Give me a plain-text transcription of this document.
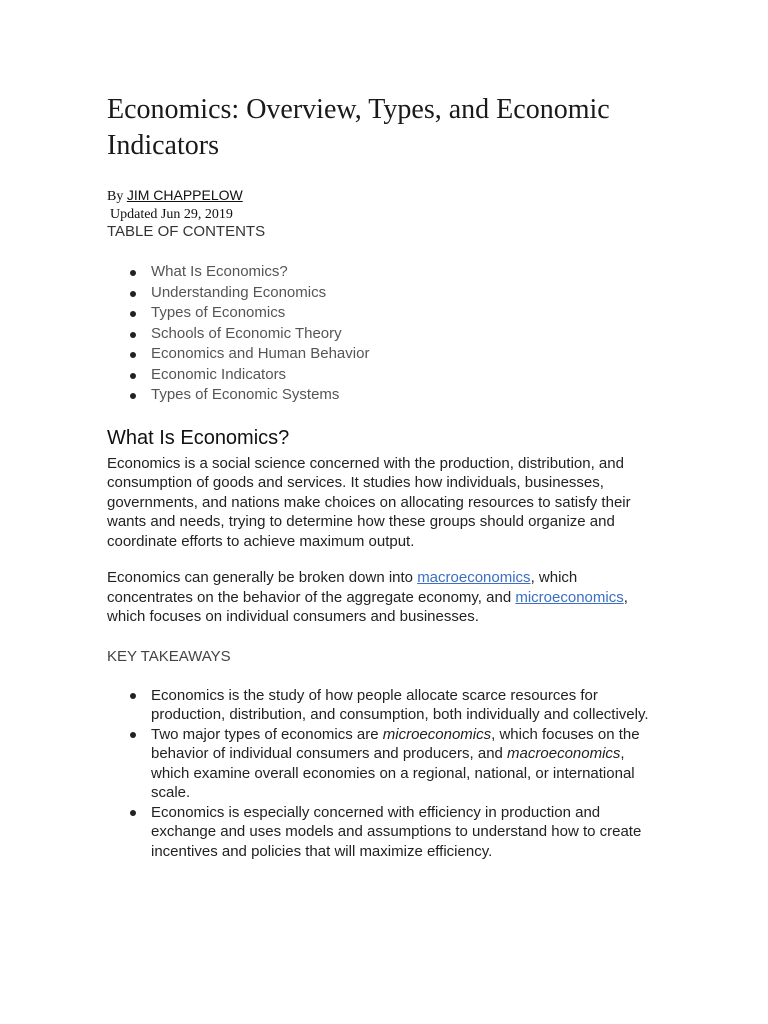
Economics: Overview, Types, and Economic Indicators
By JIM CHAPPELOW
Updated Jun 29, 2019
TABLE OF CONTENTS
What Is Economics?
Understanding Economics
Types of Economics
Schools of Economic Theory
Economics and Human Behavior
Economic Indicators
Types of Economic Systems
What Is Economics?

Economics is a social science concerned with the production, distribution, and consumption of goods and services. It studies how individuals, businesses, governments, and nations make choices on allocating resources to satisfy their wants and needs, trying to determine how these groups should organize and coordinate efforts to achieve maximum output.

Economics can generally be broken down into macroeconomics, which concentrates on the behavior of the aggregate economy, and microeconomics, which focuses on individual consumers and businesses.

KEY TAKEAWAYS
Economics is the study of how people allocate scarce resources for production, distribution, and consumption, both individually and collectively.
Two major types of economics are microeconomics, which focuses on the behavior of individual consumers and producers, and macroeconomics, which examine overall economies on a regional, national, or international scale.
Economics is especially concerned with efficiency in production and exchange and uses models and assumptions to understand how to create incentives and policies that will maximize efficiency.
